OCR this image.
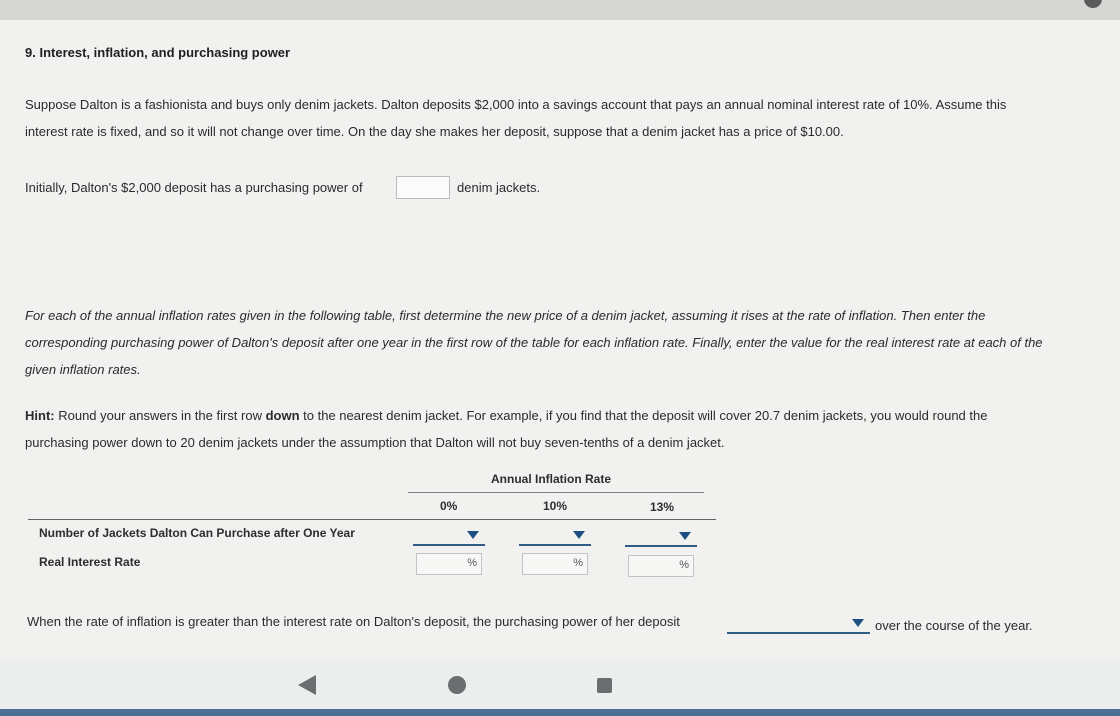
9. Interest, inflation, and purchasing power
Suppose Dalton is a fashionista and buys only denim jackets. Dalton deposits $2,000 into a savings account that pays an annual nominal interest rate of 10%. Assume this
interest rate is fixed, and so it will not change over time. On the day she makes her deposit, suppose that a denim jacket has a price of $10.00.
Initially, Dalton's $2,000 deposit has a purchasing power of	denim jackets.
For each of the annual inflation rates given in the following table, first determine the new price of a denim jacket, assuming it rises at the rate of inflation. Then enter the
corresponding purchasing power of Dalton's deposit after one year in the first row of the table for each inflation rate. Finally, enter the value for the real interest rate at each of the
given inflation rates.
Hint: Round your answers in the first row down to the nearest denim jacket. For example, if you find that the deposit will cover 20.7 denim jackets, you would round the
purchasing power down to 20 denim jackets under the assumption that Dalton will not buy seven-tenths of a denim jacket.
Annual Inflation Rate
0%	10%	13%
Number of Jackets Dalton Can Purchase after One Year
Real Interest Rate	%	%	%
When the rate of inflation is greater than the interest rate on Dalton's deposit, the purchasing power of her deposit	over the course of the year.
